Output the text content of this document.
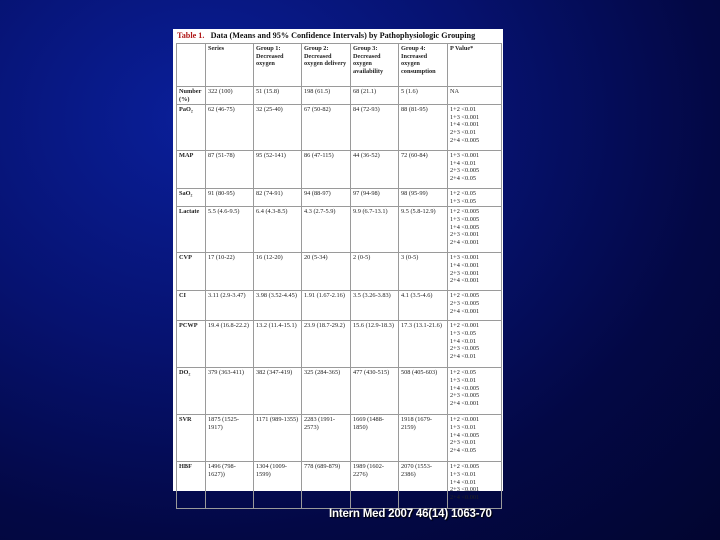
Table 1. Data (Means and 95% Confidence Intervals) by Pathophysiologic Grouping
	Series	Group 1: Decreased oxygen	Group 2: Decreased oxygen delivery	Group 3: Decreased oxygen availability	Group 4: Increased oxygen consumption	P Value*
Number (%)	322 (100)	51 (15.8)	198 (61.5)	68 (21.1)	5 (1.6)	NA

PaO₂	62 (46-75)	32 (25-40)	67 (50-82)	84 (72-93)	88 (81-95)	1+2 <0.01
1+3 <0.001
1+4 <0.001
2+3 <0.01
2+4 <0.005

MAP	87 (51-78)	95 (52-141)	86 (47-115)	44 (36-52)	72 (60-84)	1+3 <0.001
1+4 <0.01
2+3 <0.005
2+4 <0.05

SaO₂	91 (80-95)	82 (74-91)	94 (88-97)	97 (94-98)	98 (95-99)	1+2 <0.05
1+3 <0.05

Lactate	5.5 (4.6-9.5)	6.4 (4.3-8.5)	4.3 (2.7-5.9)	9.9 (6.7-13.1)	9.5 (5.8-12.9)	1+2 <0.005
1+3 <0.005
1+4 <0.005
2+3 <0.001
2+4 <0.001

CVP	17 (10-22)	16 (12-20)	20 (5-34)	2 (0-5)	3 (0-5)	1+3 <0.001
1+4 <0.001
2+3 <0.001
2+4 <0.001

CI	3.11 (2.9-3.47)	3.98 (3.52-4.45)	1.91 (1.67-2.16)	3.5 (3.26-3.83)	4.1 (3.5-4.6)	1+2 <0.005
2+3 <0.005
2+4 <0.001

PCWP	19.4 (16.8-22.2)	13.2 (11.4-15.1)	23.9 (18.7-29.2)	15.6 (12.9-18.3)	17.3 (13.1-21.6)	1+2 <0.001
1+3 <0.05
1+4 <0.01
2+3 <0.005
2+4 <0.01

DO₂	379 (363-411)	382 (347-419)	325 (284-365)	477 (430-515)	508 (405-603)	1+2 <0.05
1+3 <0.01
1+4 <0.005
2+3 <0.005
2+4 <0.001

SVR	1875 (1525-1917)	1171 (989-1355)	2283 (1991-2573)	1669 (1488-1850)	1918 (1679-2159)	1+2 <0.001
1+3 <0.01
1+4 <0.005
2+3 <0.01
2+4 <0.05

HBF	1496 (798-1627))	1304 (1009-1599)	778 (689-879)	1989 (1602-2276)	2070 (1553-2386)	1+2 <0.005
1+3 <0.01
1+4 <0.01
2+3 <0.001
2+4 <0.001
Intern Med 2007 46(14) 1063-70
